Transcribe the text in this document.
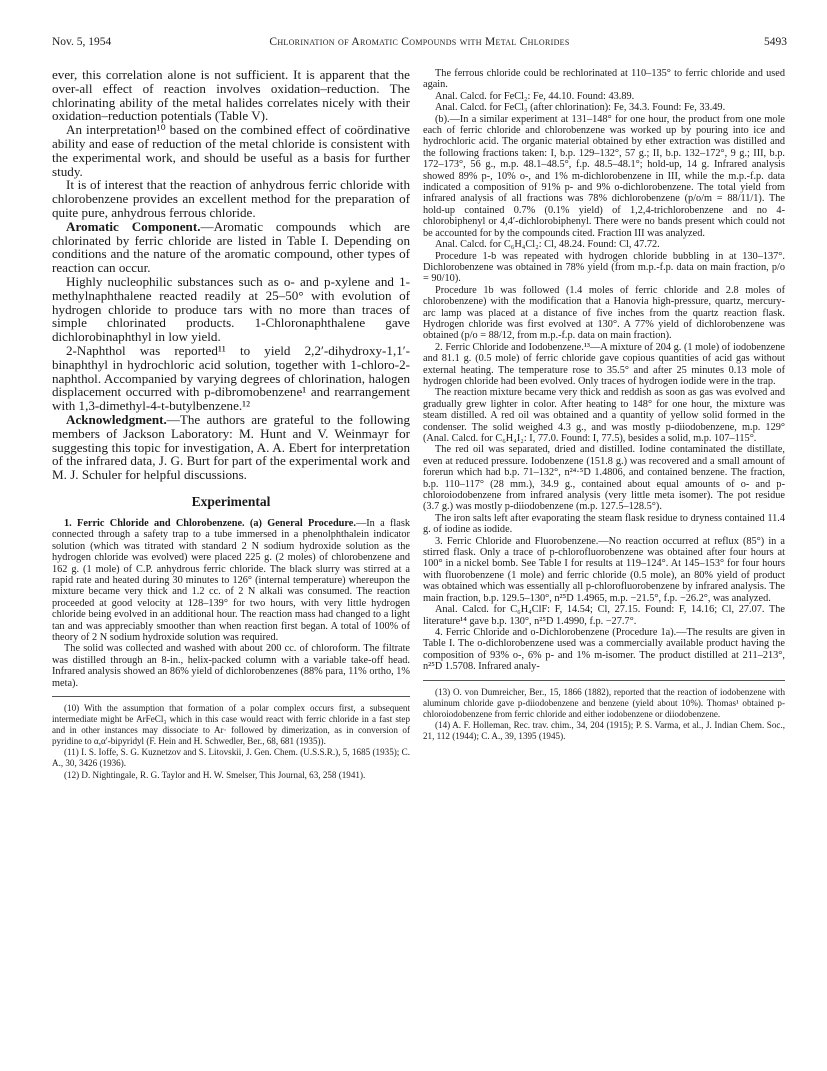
Nov. 5, 1954	Chlorination of Aromatic Compounds with Metal Chlorides	5493

ever, this correlation alone is not sufficient. It is apparent that the over-all effect of reaction involves oxidation–reduction. The chlorinating ability of the metal halides correlates nicely with their oxidation–reduction potentials (Table V).

An interpretation¹⁰ based on the combined effect of coördinative ability and ease of reduction of the metal chloride is consistent with the experimental work, and should be useful as a basis for further study.

It is of interest that the reaction of anhydrous ferric chloride with chlorobenzene provides an excellent method for the preparation of quite pure, anhydrous ferrous chloride.

Aromatic Component.—Aromatic compounds which are chlorinated by ferric chloride are listed in Table I. Depending on conditions and the nature of the aromatic compound, other types of reaction can occur.

Highly nucleophilic substances such as o- and p-xylene and 1-methylnaphthalene reacted readily at 25–50° with evolution of hydrogen chloride to produce tars with no more than traces of simple chlorinated products. 1-Chloronaphthalene gave dichlorobinaphthyl in low yield.

2-Naphthol was reported¹¹ to yield 2,2′-dihydroxy-1,1′-binaphthyl in hydrochloric acid solution, together with 1-chloro-2-naphthol. Accompanied by varying degrees of chlorination, halogen displacement occurred with p-dibromobenzene¹ and rearrangement with 1,3-dimethyl-4-t-butylbenzene.¹²

Acknowledgment.—The authors are grateful to the following members of Jackson Laboratory: M. Hunt and V. Weinmayr for suggesting this topic for investigation, A. A. Ebert for interpretation of the infrared data, J. G. Burt for part of the experimental work and M. J. Schuler for helpful discussions.

Experimental

1. Ferric Chloride and Chlorobenzene. (a) General Procedure.—In a flask connected through a safety trap to a tube immersed in a phenolphthalein indicator solution (which was titrated with standard 2 N sodium hydroxide solution as the hydrogen chloride was evolved) were placed 225 g. (2 moles) of chlorobenzene and 162 g. (1 mole) of C.P. anhydrous ferric chloride. The black slurry was stirred at a rapid rate and heated during 30 minutes to 126° (internal temperature) whereupon the mixture became very thick and 1.2 cc. of 2 N alkali was consumed. The reaction proceeded at good velocity at 128–139° for two hours, with very little hydrogen chloride being evolved in an additional hour. The reaction mass had changed to a light tan and was appreciably smoother than when reaction first began. A total of 100% of theory of 2 N sodium hydroxide solution was required.

The solid was collected and washed with about 200 cc. of chloroform. The filtrate was distilled through an 8-in., helix-packed column with a variable take-off head. Infrared analysis showed an 86% yield of dichlorobenzenes (88% para, 11% ortho, 1% meta).

(10) With the assumption that formation of a polar complex occurs first, a subsequent intermediate might be ArFeCl₃ which in this case would react with ferric chloride in a fast step and in other instances may dissociate to Ar· followed by dimerization, as in conversion of pyridine to α,α′-bipyridyl (F. Hein and H. Schwedler, Ber., 68, 681 (1935)).

(11) I. S. Ioffe, S. G. Kuznetzov and S. Litovskii, J. Gen. Chem. (U.S.S.R.), 5, 1685 (1935); C. A., 30, 3426 (1936).

(12) D. Nightingale, R. G. Taylor and H. W. Smelser, This Journal, 63, 258 (1941).

The ferrous chloride could be rechlorinated at 110–135° to ferric chloride and used again.

Anal. Calcd. for FeCl₂: Fe, 44.10. Found: 43.89.

Anal. Calcd. for FeCl₃ (after chlorination): Fe, 34.3. Found: Fe, 33.49.

(b).—In a similar experiment at 131–148° for one hour, the product from one mole each of ferric chloride and chlorobenzene was worked up by pouring into ice and hydrochloric acid. The organic material obtained by ether extraction was distilled and the following fractions taken: I, b.p. 129–132°, 57 g.; II, b.p. 132–172°, 9 g.; III, b.p. 172–173°, 56 g., m.p. 48.1–48.5°, f.p. 48.5–48.1°; hold-up, 14 g. Infrared analysis showed 89% p-, 10% o-, and 1% m-dichlorobenzene in III, while the m.p.-f.p. data indicated a composition of 91% p- and 9% o-dichlorobenzene. The total yield from infrared analysis of all fractions was 78% dichlorobenzene (p/o/m = 88/11/1). The hold-up contained 0.7% (0.1% yield) of 1,2,4-trichlorobenzene and no 4-chlorobiphenyl or 4,4′-dichlorobiphenyl. There were no bands present which could not be accounted for by the compounds cited. Fraction III was analyzed.

Anal. Calcd. for C₆H₄Cl₂: Cl, 48.24. Found: Cl, 47.72.

Procedure 1-b was repeated with hydrogen chloride bubbling in at 130–137°. Dichlorobenzene was obtained in 78% yield (from m.p.-f.p. data on main fraction, p/o = 90/10).

Procedure 1b was followed (1.4 moles of ferric chloride and 2.8 moles of chlorobenzene) with the modification that a Hanovia high-pressure, quartz, mercury-arc lamp was placed at a distance of five inches from the quartz reaction flask. Hydrogen chloride was first evolved at 130°. A 77% yield of dichlorobenzene was obtained (p/o = 88/12, from m.p.-f.p. data on main fraction).

2. Ferric Chloride and Iodobenzene.¹³—A mixture of 204 g. (1 mole) of iodobenzene and 81.1 g. (0.5 mole) of ferric chloride gave copious quantities of acid gas without external heating. The temperature rose to 35.5° and after 25 minutes 0.13 mole of hydrogen chloride had been evolved. Only traces of hydrogen iodide were in the trap.

The reaction mixture became very thick and reddish as soon as gas was evolved and gradually grew lighter in color. After heating to 148° for one hour, the mixture was steam distilled. A red oil was obtained and a quantity of yellow solid formed in the condenser. The solid weighed 4.3 g., and was mostly p-diiodobenzene, m.p. 129° (Anal. Calcd. for C₆H₄I₂: I, 77.0. Found: I, 77.5), besides a solid, m.p. 107–115°.

The red oil was separated, dried and distilled. Iodine contaminated the distillate, even at reduced pressure. Iodobenzene (151.8 g.) was recovered and a small amount of forerun which had b.p. 71–132°, n²⁴·⁵D 1.4806, and contained benzene. The fraction, b.p. 110–117° (28 mm.), 34.9 g., contained about equal amounts of o- and p-chloroiodobenzene from infrared analysis (very little meta isomer). The pot residue (3.7 g.) was mostly p-diiodobenzene (m.p. 127.5–128.5°).

The iron salts left after evaporating the steam flask residue to dryness contained 11.4 g. of iodine as iodide.

3. Ferric Chloride and Fluorobenzene.—No reaction occurred at reflux (85°) in a stirred flask. Only a trace of p-chlorofluorobenzene was obtained after four hours at 100° in a nickel bomb. See Table I for results at 119–124°. At 145–153° for four hours with fluorobenzene (1 mole) and ferric chloride (0.5 mole), an 80% yield of product was obtained which was essentially all p-chlorofluorobenzene by infrared analysis. The main fraction, b.p. 129.5–130°, n²⁵D 1.4965, m.p. −21.5°, f.p. −26.2°, was analyzed.

Anal. Calcd. for C₆H₄ClF: F, 14.54; Cl, 27.15. Found: F, 14.16; Cl, 27.07. The literature¹⁴ gave b.p. 130°, n²⁵D 1.4990, f.p. −27.7°.

4. Ferric Chloride and o-Dichlorobenzene (Procedure 1a).—The results are given in Table I. The o-dichlorobenzene used was a commercially available product having the composition of 93% o-, 6% p- and 1% m-isomer. The product distilled at 211–213°, n²⁵D 1.5708. Infrared analy-

(13) O. von Dumreicher, Ber., 15, 1866 (1882), reported that the reaction of iodobenzene with aluminum chloride gave p-diiodobenzene and benzene (yield about 10%). Thomas¹ obtained p-chloroiodobenzene from ferric chloride and either iodobenzene or diiodobenzene.

(14) A. F. Holleman, Rec. trav. chim., 34, 204 (1915); P. S. Varma, et al., J. Indian Chem. Soc., 21, 112 (1944); C. A., 39, 1395 (1945).
